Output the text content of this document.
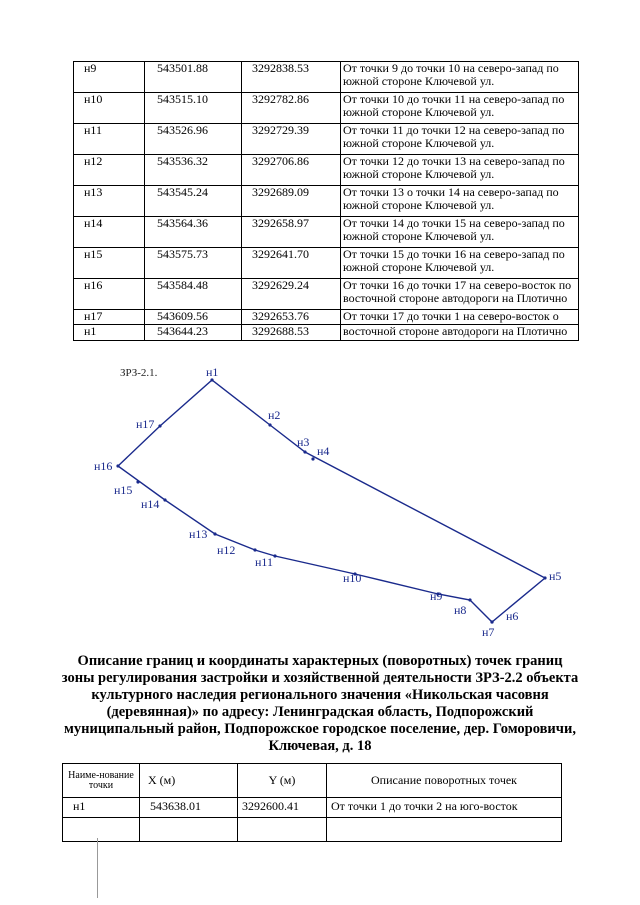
н9	543501.88	3292838.53	От точки 9 до точки 10 на северо-запад по южной стороне Ключевой ул.
н10	543515.10	3292782.86	От точки 10 до точки 11 на северо-запад по южной стороне Ключевой ул.
н11	543526.96	3292729.39	От точки 11 до точки 12 на северо-запад по южной стороне Ключевой ул.
н12	543536.32	3292706.86	От точки 12 до точки 13 на северо-запад по южной стороне Ключевой ул.
н13	543545.24	3292689.09	От точки 13 о точки 14 на северо-запад по южной стороне Ключевой ул.
н14	543564.36	3292658.97	От точки 14 до точки 15 на северо-запад по южной стороне Ключевой ул.
н15	543575.73	3292641.70	От точки 15 до точки 16 на северо-запад по южной стороне Ключевой ул.
н16	543584.48	3292629.24	От точки 16 до точки 17 на северо-восток по восточной стороне автодороги на Плотично
н17	543609.56	3292653.76	От точки 17 до точки 1 на северо-восток о
н1	543644.23	3292688.53	восточной стороне автодороги на Плотично
ЗРЗ-2.1.	н1
н2
н3
н4
н5
н6
н7
н8
н9
н10
н11
н12
н13
н14
н15
н16
н17
Описание границ и координаты характерных (поворотных) точек границ зоны регулирования застройки и хозяйственной деятельности ЗРЗ-2.2 объекта культурного наследия регионального значения «Никольская часовня (деревянная)» по адресу: Ленинградская область, Подпорожский муниципальный район, Подпорожское городское поселение, дер. Гоморовичи, Ключевая, д. 18
Наиме-нование точки	X (м)	Y (м)	Описание поворотных точек
н1	543638.01	3292600.41	От точки 1 до точки 2 на юго-восток
